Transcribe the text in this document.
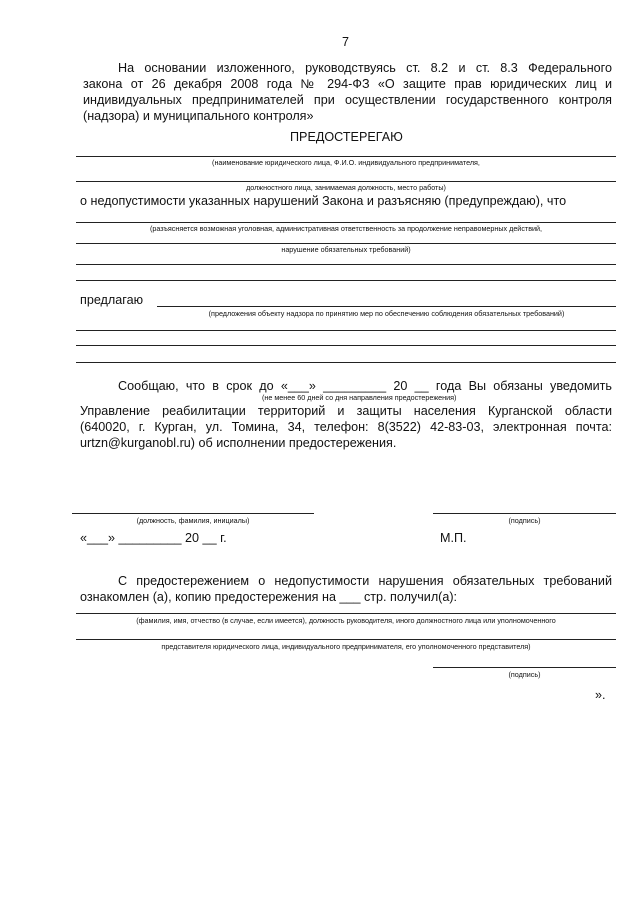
7
На основании изложенного, руководствуясь ст. 8.2 и ст. 8.3 Федерального
закона от 26 декабря 2008 года № 294-ФЗ «О защите прав юридических лиц и
индивидуальных предпринимателей при осуществлении государственного контроля
(надзора) и муниципального контроля»
ПРЕДОСТЕРЕГАЮ
(наименование юридического лица, Ф.И.О. индивидуального предпринимателя,
должностного лица, занимаемая должность, место работы)
о недопустимости указанных нарушений Закона и разъясняю (предупреждаю), что
(разъясняется возможная уголовная, административная ответственность за продолжение неправомерных действий,
нарушение обязательных требований)
предлагаю
(предложения объекту надзора по принятию мер по обеспечению соблюдения обязательных требований)
Сообщаю, что в срок до «___» _________ 20 __ года Вы обязаны уведомить
(не менее 60 дней со дня направления предостережения)
Управление реабилитации территорий и защиты населения Курганской области
(640020, г. Курган, ул. Томина, 34, телефон: 8(3522) 42-83-03, электронная почта:
urtzn@kurganobl.ru) об исполнении предостережения.
(должность, фамилия, инициалы)	(подпись)
«___» _________ 20 __ г.	М.П.
С предостережением о недопустимости нарушения обязательных требований
ознакомлен (а), копию предостережения на ___ стр. получил(а):
(фамилия, имя, отчество (в случае, если имеется), должность руководителя, иного должностного лица или уполномоченного
представителя юридического лица, индивидуального предпринимателя, его уполномоченного представителя)
(подпись)
».
